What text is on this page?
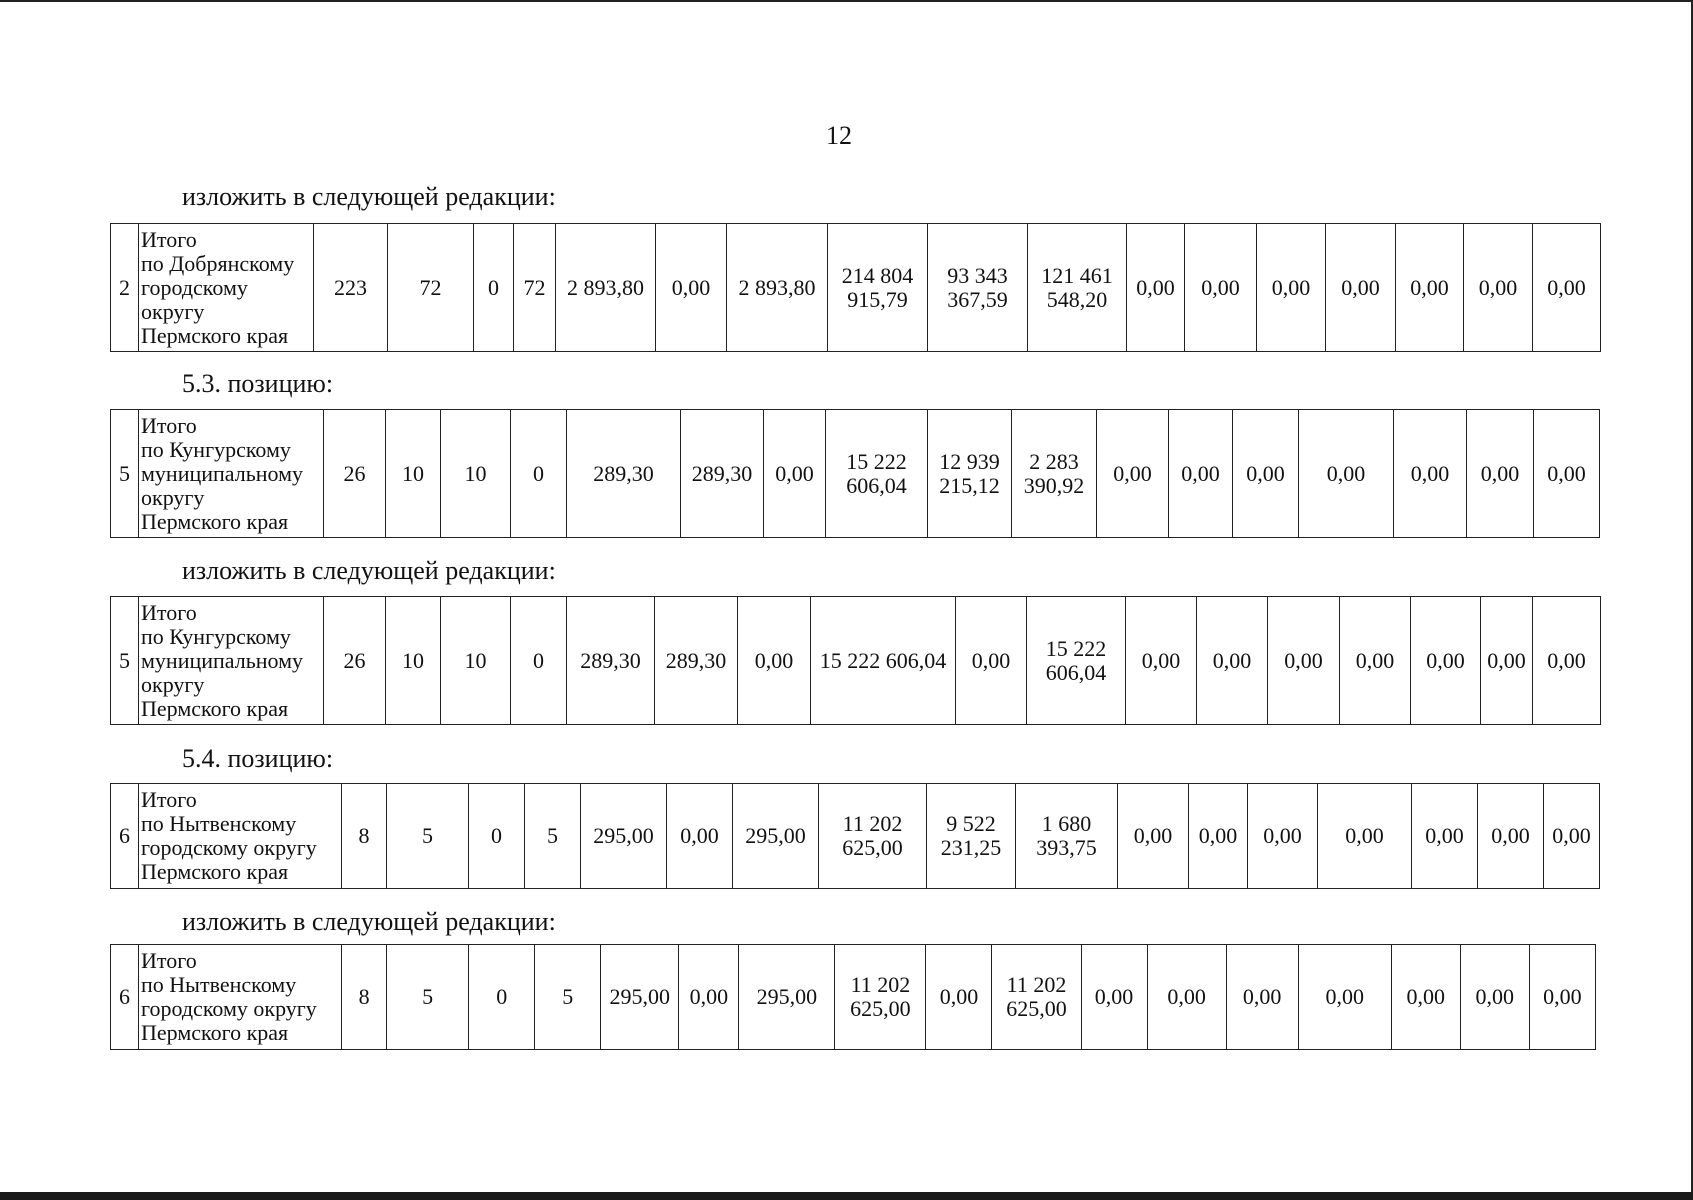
12
изложить в следующей редакции:
2	Итого
по Добрянскому
городскому
округу
Пермского края	223	72	0	72	2 893,80	0,00	2 893,80	214 804
915,79	93 343
367,59	121 461
548,20	0,00	0,00	0,00	0,00	0,00	0,00	0,00
5.3. позицию:
5	Итого
по Кунгурскому
муниципальному
округу
Пермского края	26	10	10	0	289,30	289,30	0,00	15 222
606,04	12 939
215,12	2 283
390,92	0,00	0,00	0,00	0,00	0,00	0,00	0,00
изложить в следующей редакции:
5	Итого
по Кунгурскому
муниципальному
округу
Пермского края	26	10	10	0	289,30	289,30	0,00	15 222 606,04	0,00	15 222
606,04	0,00	0,00	0,00	0,00	0,00	0,00	0,00
5.4. позицию:
6	Итого
по Нытвенскому
городскому округу
Пермского края	8	5	0	5	295,00	0,00	295,00	11 202
625,00	9 522
231,25	1 680
393,75	0,00	0,00	0,00	0,00	0,00	0,00	0,00
изложить в следующей редакции:
6	Итого
по Нытвенскому
городскому округу
Пермского края	8	5	0	5	295,00	0,00	295,00	11 202
625,00	0,00	11 202
625,00	0,00	0,00	0,00	0,00	0,00	0,00	0,00
